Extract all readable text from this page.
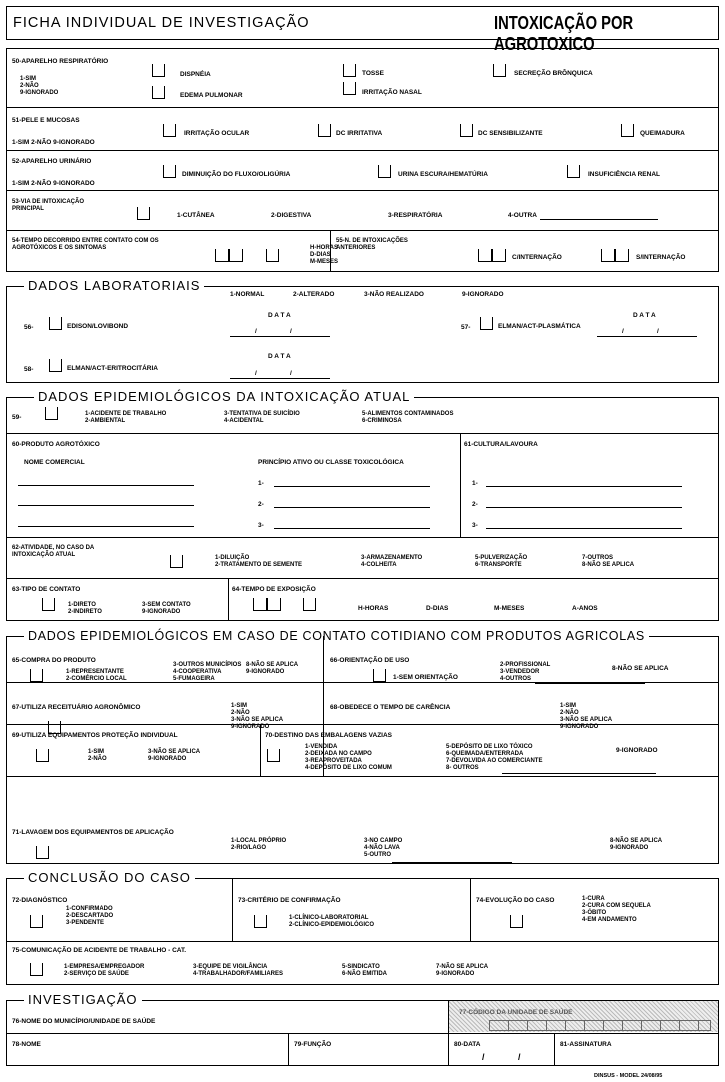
FICHA INDIVIDUAL DE INVESTIGAÇÃO	INTOXICAÇÃO POR AGROTOXICO
50-APARELHO RESPIRATÓRIO
1-SIM
2-NÃO
9-IGNORADO
DISPNÉIA	TOSSE	SECREÇÃO BRÔNQUICA
EDEMA PULMONAR	IRRITAÇÃO NASAL
51-PELE E MUCOSAS
1-SIM 2-NÃO 9-IGNORADO
IRRITAÇÃO OCULAR	DC IRRITATIVA	DC SENSIBILIZANTE	QUEIMADURA
52-APARELHO URINÁRIO
1-SIM 2-NÃO 9-IGNORADO
DIMINUIÇÃO DO FLUXO/OLIGÚRIA	URINA ESCURA/HEMATÚRIA	INSUFICIÊNCIA RENAL
53-VIA DE INTOXICAÇÃO
PRINCIPAL
1-CUTÂNEA	2-DIGESTIVA	3-RESPIRATÓRIA	4-OUTRA
54-TEMPO DECORRIDO ENTRE CONTATO COM OS
AGROTÓXICOS E OS SINTOMAS	H-HORAS
D-DIAS
M-MESES
55-N. DE INTOXICAÇÕES
ANTERIORES
C/INTERNAÇÃO	S/INTERNAÇÃO
DADOS LABORATORIAIS
1-NORMAL	2-ALTERADO	3-NÃO REALIZADO	9-IGNORADO
56-	EDISON/LOVIBOND
D A T A
/	/
57-	ELMAN/ACT-PLASMÁTICA
D A T A
/	/
58-	ELMAN/ACT-ERITROCITÁRIA
D A T A
/	/
DADOS EPIDEMIOLÓGICOS DA INTOXICAÇÃO ATUAL
59-	1-ACIDENTE DE TRABALHO
2-AMBIENTAL
3-TENTATIVA DE SUICÍDIO
4-ACIDENTAL
5-ALIMENTOS CONTAMINADOS
6-CRIMINOSA
60-PRODUTO AGROTÓXICO
NOME COMERCIAL	PRINCÍPIO ATIVO OU CLASSE TOXICOLÓGICA
1-
2-
3-
61-CULTURA/LAVOURA
1-
2-
3-
62-ATIVIDADE, NO CASO DA
INTOXICAÇÃO ATUAL	1-DILUIÇÃO
2-TRATAMENTO DE SEMENTE
3-ARMAZENAMENTO
4-COLHEITA
5-PULVERIZAÇÃO
6-TRANSPORTE
7-OUTROS
8-NÃO SE APLICA
63-TIPO DE CONTATO
1-DIRETO
2-INDIRETO
3-SEM CONTATO
9-IGNORADO
64-TEMPO DE EXPOSIÇÃO
H-HORAS	D-DIAS	M-MESES	A-ANOS
DADOS EPIDEMIOLÓGICOS EM CASO DE CONTATO COTIDIANO COM PRODUTOS AGRICOLAS
65-COMPRA DO PRODUTO
1-REPRESENTANTE
2-COMÉRCIO LOCAL
3-OUTROS MUNICÍPIOS
4-COOPERATIVA
5-FUMAGEIRA
8-NÃO SE APLICA
9-IGNORADO
66-ORIENTAÇÃO DE USO
1-SEM ORIENTAÇÃO
2-PROFISSIONAL
3-VENDEDOR
4-OUTROS
8-NÃO SE APLICA
67-UTILIZA RECEITUÁRIO AGRONÔMICO	1-SIM
2-NÃO
3-NÃO SE APLICA
9-IGNORADO
68-OBEDECE O TEMPO DE CARÊNCIA	1-SIM
2-NÃO
3-NÃO SE APLICA
9-IGNORADO
69-UTILIZA EQUIPAMENTOS PROTEÇÃO INDIVIDUAL
1-SIM
2-NÃO
3-NÃO SE APLICA
9-IGNORADO
70-DESTINO DAS EMBALAGENS VAZIAS
1-VENDIDA
2-DEIXADA NO CAMPO
3-REAPROVEITADA
4-DEPÓSITO DE LIXO COMUM
5-DEPÓSITO DE LIXO TÓXICO
6-QUEIMADA/ENTERRADA
7-DEVOLVIDA AO COMERCIANTE
8- OUTROS
9-IGNORADO
71-LAVAGEM DOS EQUIPAMENTOS DE APLICAÇÃO
1-LOCAL PRÓPRIO
2-RIO/LAGO
3-NO CAMPO
4-NÃO LAVA
5-OUTRO
8-NÃO SE APLICA
9-IGNORADO
CONCLUSÃO DO CASO
72-DIAGNÓSTICO
1-CONFIRMADO
2-DESCARTADO
3-PENDENTE
73-CRITÉRIO DE CONFIRMAÇÃO
1-CLÍNICO-LABORATORIAL
2-CLÍNICO-EPIDEMIOLÓGICO
74-EVOLUÇÃO DO CASO	1-CURA
2-CURA COM SEQUELA
3-ÓBITO
4-EM ANDAMENTO
75-COMUNICAÇÃO DE ACIDENTE DE TRABALHO - CAT.
1-EMPRESA/EMPREGADOR
2-SERVIÇO DE SAÚDE
3-EQUIPE DE VIGILÂNCIA
4-TRABALHADOR/FAMILIARES
5-SINDICATO
6-NÃO EMITIDA
7-NÃO SE APLICA
9-IGNORADO
INVESTIGAÇÃO
76-NOME DO MUNICÍPIO/UNIDADE DE SAÚDE
77-CÓDIGO DA UNIDADE DE SAÚDE
78-NOME	79-FUNÇÃO	80-DATA
/	/
81-ASSINATURA
DINSUS - MODEL 24/08/95
